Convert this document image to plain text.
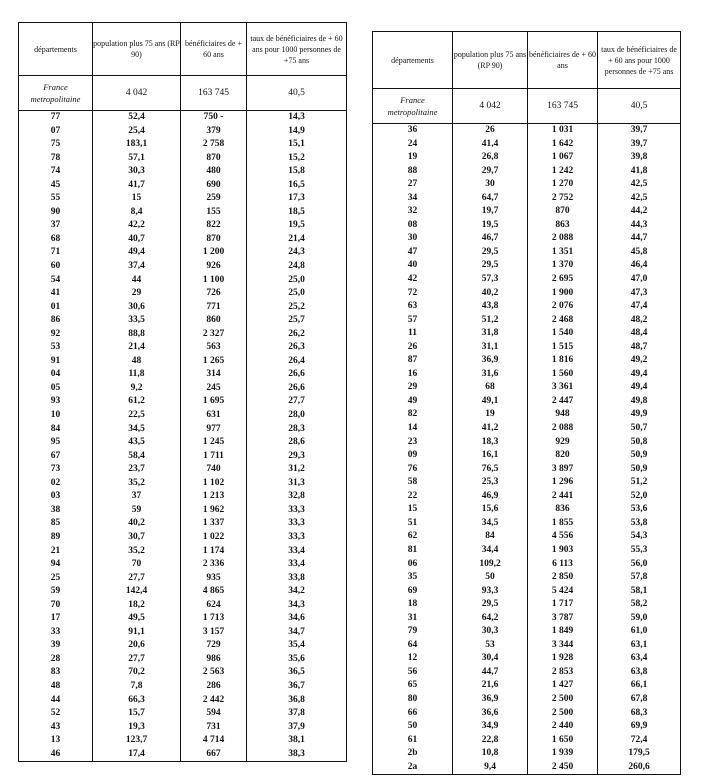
départements	population plus 75 ans (RP 90)	bénéficiaires de + 60 ans	taux de bénéficiaires de + 60 ans pour 1000 personnes de +75 ans
France
metropolitaine	4 042	163 745	40,5
77	52,4	750 -	14,3
07	25,4	379	14,9
75	183,1	2 758	15,1
78	57,1	870	15,2
74	30,3	480	15,8
45	41,7	690	16,5
55	15	259	17,3
90	8,4	155	18,5
37	42,2	822	19,5
68	40,7	870	21,4
71	49,4	1 200	24,3
60	37,4	926	24,8
54	44	1 100	25,0
41	29	726	25,0
01	30,6	771	25,2
86	33,5	860	25,7
92	88,8	2 327	26,2
53	21,4	563	26,3
91	48	1 265	26,4
04	11,8	314	26,6
05	9,2	245	26,6
93	61,2	1 695	27,7
10	22,5	631	28,0
84	34,5	977	28,3
95	43,5	1 245	28,6
67	58,4	1 711	29,3
73	23,7	740	31,2
02	35,2	1 102	31,3
03	37	1 213	32,8
38	59	1 962	33,3
85	40,2	1 337	33,3
89	30,7	1 022	33,3
21	35,2	1 174	33,4
94	70	2 336	33,4
25	27,7	935	33,8
59	142,4	4 865	34,2
70	18,2	624	34,3
17	49,5	1 713	34,6
33	91,1	3 157	34,7
39	20,6	729	35,4
28	27,7	986	35,6
83	70,2	2 563	36,5
48	7,8	286	36,7
44	66,3	2 442	36,8
52	15,7	594	37,8
43	19,3	731	37,9
13	123,7	4 714	38,1
46	17,4	667	38,3
départements	population plus 75 ans (RP 90)	bénéficiaires de + 60 ans	taux de bénéficiaires de + 60 ans pour 1000 personnes de +75 ans
France
metropolitaine	4 042	163 745	40,5
36	26	1 031	39,7
24	41,4	1 642	39,7
19	26,8	1 067	39,8
88	29,7	1 242	41,8
27	30	1 270	42,5
34	64,7	2 752	42,5
32	19,7	870	44,2
08	19,5	863	44,3
30	46,7	2 088	44,7
47	29,5	1 351	45,8
40	29,5	1 370	46,4
42	57,3	2 695	47,0
72	40,2	1 900	47,3
63	43,8	2 076	47,4
57	51,2	2 468	48,2
11	31,8	1 540	48,4
26	31,1	1 515	48,7
87	36,9	1 816	49,2
16	31,6	1 560	49,4
29	68	3 361	49,4
49	49,1	2 447	49,8
82	19	948	49,9
14	41,2	2 088	50,7
23	18,3	929	50,8
09	16,1	820	50,9
76	76,5	3 897	50,9
58	25,3	1 296	51,2
22	46,9	2 441	52,0
15	15,6	836	53,6
51	34,5	1 855	53,8
62	84	4 556	54,3
81	34,4	1 903	55,3
06	109,2	6 113	56,0
35	50	2 850	57,8
69	93,3	5 424	58,1
18	29,5	1 717	58,2
31	64,2	3 787	59,0
79	30,3	1 849	61,0
64	53	3 344	63,1
12	30,4	1 928	63,4
56	44,7	2 853	63,8
65	21,6	1 427	66,1
80	36,9	2 500	67,8
66	36,6	2 500	68,3
50	34,9	2 440	69,9
61	22,8	1 650	72,4
2b	10,8	1 939	179,5
2a	9,4	2 450	260,6
